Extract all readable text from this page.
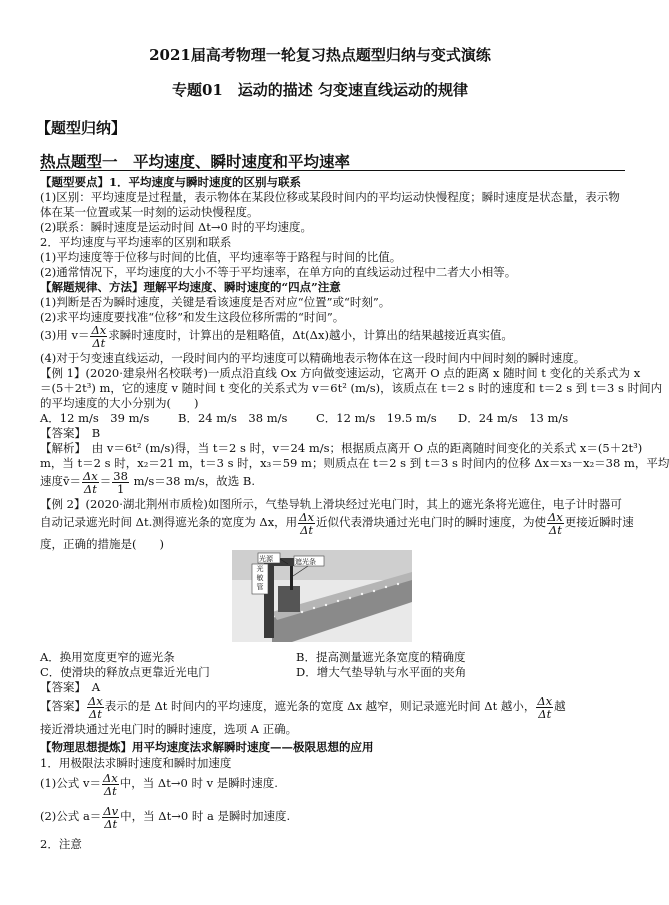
2021届高考物理一轮复习热点题型归纳与变式演练
专题01　运动的描述 匀变速直线运动的规律
【题型归纳】
热点题型一　平均速度、瞬时速度和平均速率
【题型要点】1．平均速度与瞬时速度的区别与联系
(1)区别：平均速度是过程量，表示物体在某段位移或某段时间内的平均运动快慢程度；瞬时速度是状态量，表示物
体在某一位置或某一时刻的运动快慢程度。
(2)联系：瞬时速度是运动时间 Δt→0 时的平均速度。
2．平均速度与平均速率的区别和联系
(1)平均速度等于位移与时间的比值，平均速率等于路程与时间的比值。
(2)通常情况下，平均速度的大小不等于平均速率，在单方向的直线运动过程中二者大小相等。
【解题规律、方法】理解平均速度、瞬时速度的“四点”注意
(1)判断是否为瞬时速度，关键是看该速度是否对应“位置”或“时刻”。
(2)求平均速度要找准“位移”和发生这段位移所需的“时间”。
(3)用 $v= \frac{\Delta x}{\Delta t}$ 求瞬时速度时，计算出的是粗略值，Δt(Δx)越小，计算出的结果越接近真实值。
(4)对于匀变速直线运动，一段时间内的平均速度可以精确地表示物体在这一段时间内中间时刻的瞬时速度。
【例 1】(2020·建泉州名校联考)一质点沿直线 Ox 方向做变速运动，它离开 O 点的距离 x 随时间 t 变化的关系式为 x
＝(5＋2t³) m，它的速度 v 随时间 t 变化的关系式为 v＝6t² (m/s)，该质点在 t＝2 s 时的速度和 t＝2 s 到 t＝3 s 时间内
的平均速度的大小分别为(　　)
A．12 m/s　39 m/s	B．24 m/s　38 m/s C．12 m/s　19.5 m/s D．24 m/s　13 m/s
【答案】　B
【解析】　由 v＝6t² (m/s)得，当 t＝2 s 时，v＝24 m/s；根据质点离开 O 点的距离随时间变化的关系式 x＝(5＋2t³)
m，当 t＝2 s 时，x₂＝21 m，t＝3 s 时，x₃＝59 m；则质点在 t＝2 s 到 t＝3 s 时间内的位移 Δx＝x₃－x₂＝38 m，平均
速度v̄＝ $\frac{\Delta x}{\Delta t} = \frac{38}{1} m/s=38$ m/s，故选 B.
【例 2】(2020·湖北荆州市质检)如图所示，气垫导轨上滑块经过光电门时，其上的遮光条将光遮住，电子计时器可
自动记录遮光时间 Δt.测得遮光条的宽度为 Δx，用 $\frac{\Delta x}{\Delta t}$ 近似代表滑块通过光电门时的瞬时速度，为使 $\frac{\Delta x}{\Delta t}$ 更接近瞬时速
度，正确的措施是(　　)
光源	遮光条
光敏管
A．换用宽度更窄的遮光条	B．提高测量遮光条宽度的精确度
C．使滑块的释放点更靠近光电门	D．增大气垫导轨与水平面的夹角
【答案】　A
【答案】 $\frac{\Delta x}{\Delta t}$ 表示的是 Δt 时间内的平均速度，遮光条的宽度 Δx 越窄，则记录遮光时间 Δt 越小， $\frac{\Delta x}{\Delta t}$ 越
接近滑块通过光电门时的瞬时速度，选项 A 正确。
【物理思想提炼】用平均速度法求解瞬时速度——极限思想的应用
1．用极限法求瞬时速度和瞬时加速度
(1)公式 $v= \frac{\Delta x}{\Delta t}$ 中，当 Δt→0 时 v 是瞬时速度.
(2)公式 $a= \frac{\Delta v}{\Delta t}$ 中，当 Δt→0 时 a 是瞬时加速度.
2．注意
